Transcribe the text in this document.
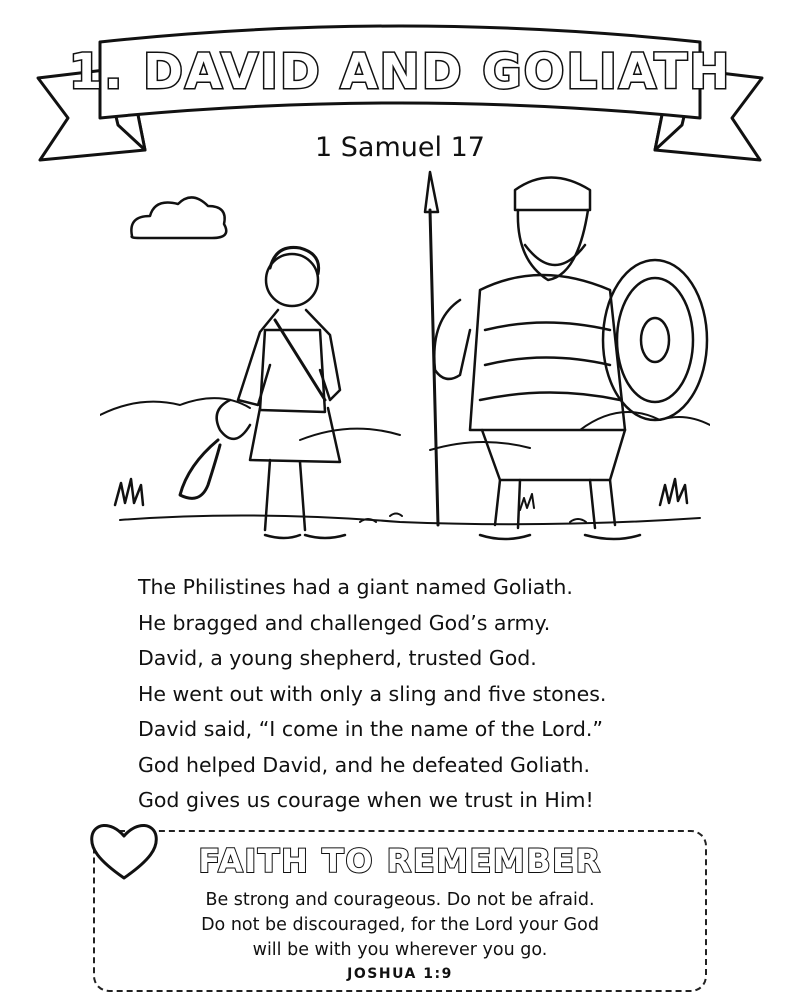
1. DAVID AND GOLIATH
1 Samuel 17
The Philistines had a giant named Goliath.
He bragged and challenged God’s army.
David, a young shepherd, trusted God.
He went out with only a sling and five stones.
David said, “I come in the name of the Lord.”
God helped David, and he defeated Goliath.
God gives us courage when we trust in Him!
FAITH TO REMEMBER
Be strong and courageous. Do not be afraid.
Do not be discouraged, for the Lord your God
will be with you wherever you go.
JOSHUA 1:9
